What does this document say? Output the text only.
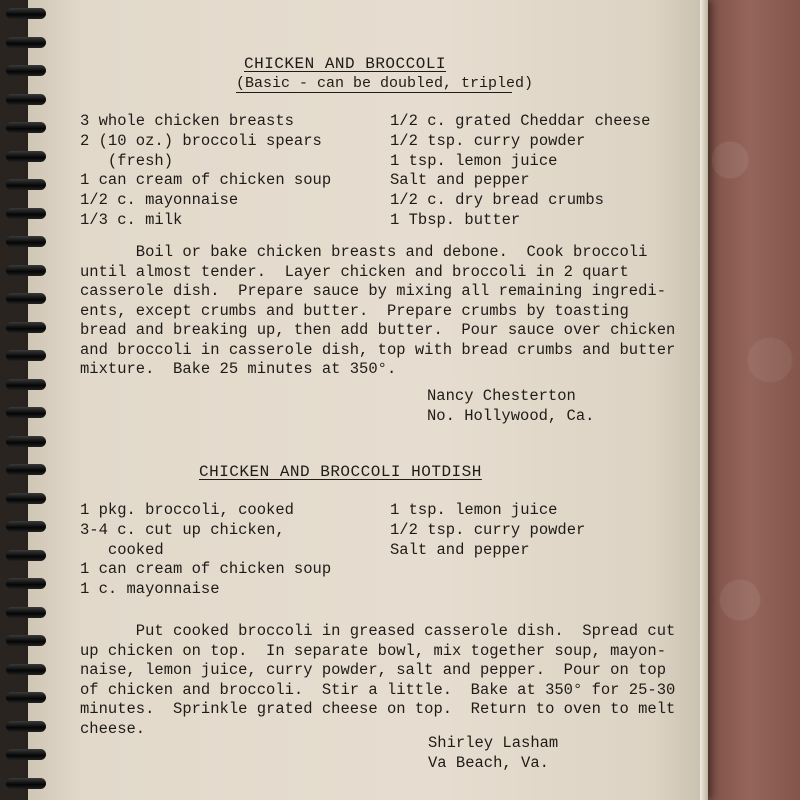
CHICKEN AND BROCCOLI
(Basic - can be doubled, tripled)
3 whole chicken breasts
2 (10 oz.) broccoli spears
(fresh)
1 can cream of chicken soup
1/2 c. mayonnaise
1/3 c. milk
1/2 c. grated Cheddar cheese
1/2 tsp. curry powder
1 tsp. lemon juice
Salt and pepper
1/2 c. dry bread crumbs
1 Tbsp. butter
Boil or bake chicken breasts and debone.  Cook broccoli
until almost tender.  Layer chicken and broccoli in 2 quart
casserole dish.  Prepare sauce by mixing all remaining ingredi-
ents, except crumbs and butter.  Prepare crumbs by toasting
bread and breaking up, then add butter.  Pour sauce over chicken
and broccoli in casserole dish, top with bread crumbs and butter
mixture.  Bake 25 minutes at 350°.
Nancy Chesterton
No. Hollywood, Ca.
CHICKEN AND BROCCOLI HOTDISH
1 pkg. broccoli, cooked
3-4 c. cut up chicken,
cooked
1 can cream of chicken soup
1 c. mayonnaise
1 tsp. lemon juice
1/2 tsp. curry powder
Salt and pepper
Put cooked broccoli in greased casserole dish.  Spread cut
up chicken on top.  In separate bowl, mix together soup, mayon-
naise, lemon juice, curry powder, salt and pepper.  Pour on top
of chicken and broccoli.  Stir a little.  Bake at 350° for 25-30
minutes.  Sprinkle grated cheese on top.  Return to oven to melt
cheese.
Shirley Lasham
Va Beach, Va.
